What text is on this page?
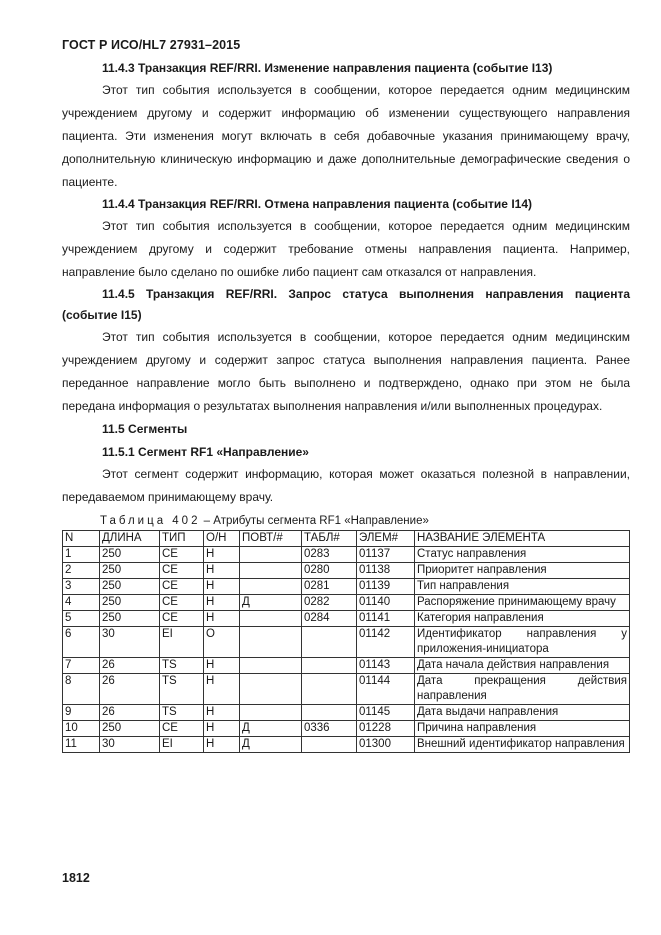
ГОСТ Р ИСО/HL7 27931–2015

11.4.3 Транзакция REF/RRI. Изменение направления пациента (событие I13)

Этот тип события используется в сообщении, которое передается одним медицинским учреждением другому и содержит информацию об изменении существующего направления пациента. Эти изменения могут включать в себя добавочные указания принимающему врачу, дополнительную клиническую информацию и даже дополнительные демографические сведения о пациенте.

11.4.4 Транзакция REF/RRI. Отмена направления пациента (событие I14)

Этот тип события используется в сообщении, которое передается одним медицинским учреждением другому и содержит требование отмены направления пациента. Например, направление было сделано по ошибке либо пациент сам отказался от направления.

11.4.5 Транзакция REF/RRI. Запрос статуса выполнения направления пациента (событие I15)

Этот тип события используется в сообщении, которое передается одним медицинским учреждением другому и содержит запрос статуса выполнения направления пациента. Ранее переданное направление могло быть выполнено и подтверждено, однако при этом не была передана информация о результатах выполнения направления и/или выполненных процедурах.

11.5 Сегменты

11.5.1 Сегмент RF1 «Направление»

Этот сегмент содержит информацию, которая может оказаться полезной в направлении, передаваемом принимающему врачу.

Таблица 402 – Атрибуты сегмента RF1 «Направление»
N	ДЛИНА	ТИП	О/Н	ПОВТ/#	ТАБЛ#	ЭЛЕМ#	НАЗВАНИЕ ЭЛЕМЕНТА
1	250	CE	Н		0283	01137	Статус направления
2	250	CE	Н		0280	01138	Приоритет направления
3	250	CE	Н		0281	01139	Тип направления
4	250	CE	Н	Д	0282	01140	Распоряжение принимающему врачу
5	250	CE	Н		0284	01141	Категория направления
6	30	EI	О			01142	Идентификатор направления у приложения-инициатора
7	26	TS	Н			01143	Дата начала действия направления
8	26	TS	Н			01144	Дата прекращения действия направления
9	26	TS	Н			01145	Дата выдачи направления
10	250	CE	Н	Д	0336	01228	Причина направления
11	30	EI	Н	Д		01300	Внешний идентификатор направления
1812
